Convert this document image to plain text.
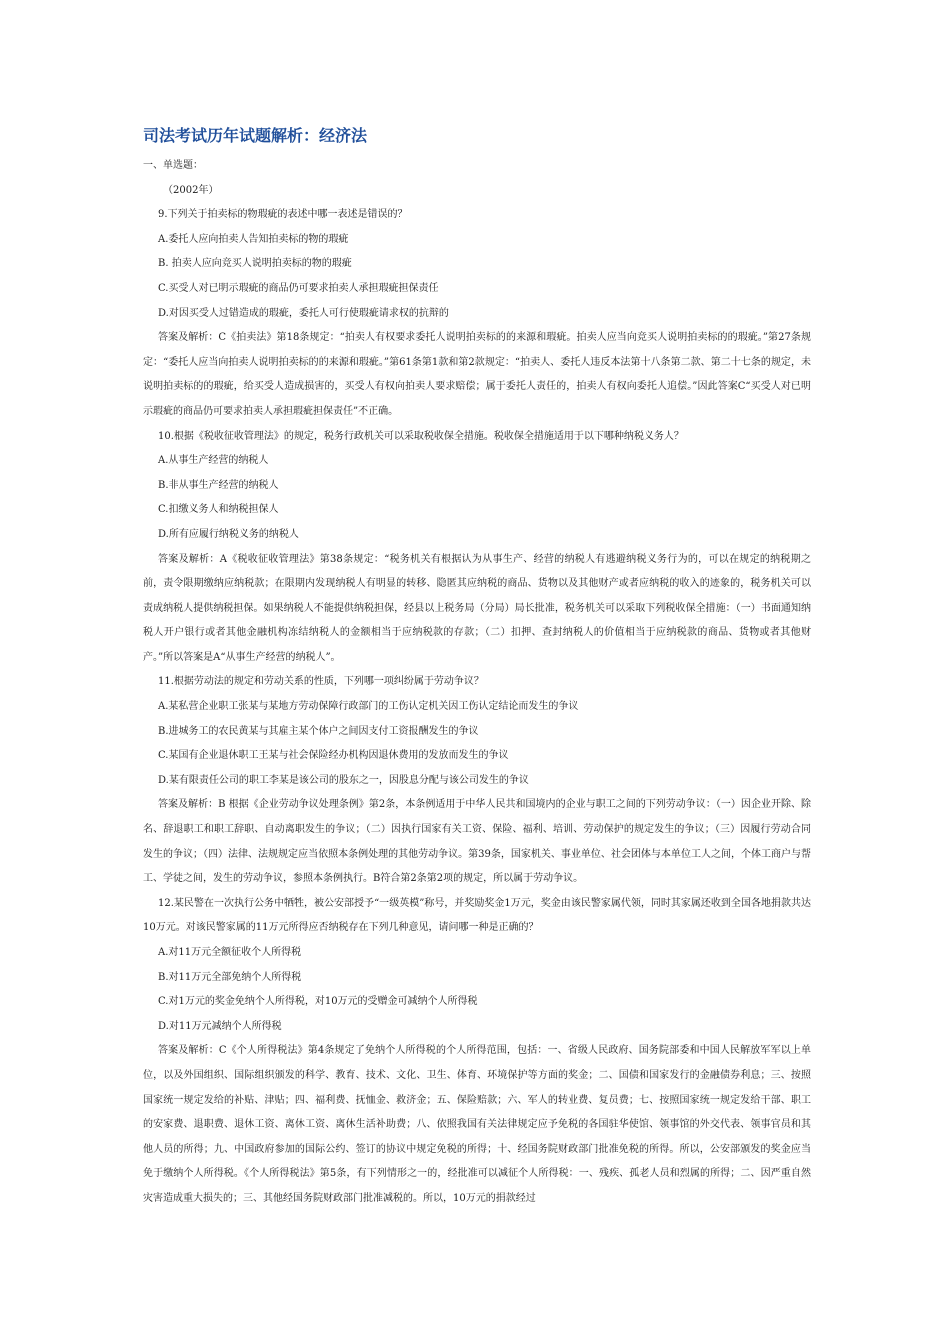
司法考试历年试题解析：经济法

一、单选题：

（2002年）

9.下列关于拍卖标的物瑕疵的表述中哪一表述是错误的？

A.委托人应向拍卖人告知拍卖标的物的瑕疵

B. 拍卖人应向竞买人说明拍卖标的物的瑕疵

C.买受人对已明示瑕疵的商品仍可要求拍卖人承担瑕疵担保责任

D.对因买受人过错造成的瑕疵，委托人可行使瑕疵请求权的抗辩的

答案及解析：C《拍卖法》第18条规定：“拍卖人有权要求委托人说明拍卖标的的来源和瑕疵。拍卖人应当向竞买人说明拍卖标的的瑕疵。”第27条规定：“委托人应当向拍卖人说明拍卖标的的来源和瑕疵。”第61条第1款和第2款规定：“拍卖人、委托人违反本法第十八条第二款、第二十七条的规定，未说明拍卖标的的瑕疵，给买受人造成损害的，买受人有权向拍卖人要求赔偿；属于委托人责任的，拍卖人有权向委托人追偿。”因此答案C“买受人对已明示瑕疵的商品仍可要求拍卖人承担瑕疵担保责任”不正确。

10.根据《税收征收管理法》的规定，税务行政机关可以采取税收保全措施。税收保全措施适用于以下哪种纳税义务人？

A.从事生产经营的纳税人

B.非从事生产经营的纳税人

C.扣缴义务人和纳税担保人

D.所有应履行纳税义务的纳税人

答案及解析：A《税收征收管理法》第38条规定：“税务机关有根据认为从事生产、经营的纳税人有逃避纳税义务行为的，可以在规定的纳税期之前，责令限期缴纳应纳税款；在限期内发现纳税人有明显的转移、隐匿其应纳税的商品、货物以及其他财产或者应纳税的收入的迹象的，税务机关可以责成纳税人提供纳税担保。如果纳税人不能提供纳税担保，经县以上税务局（分局）局长批准，税务机关可以采取下列税收保全措施：（一）书面通知纳税人开户银行或者其他金融机构冻结纳税人的金额相当于应纳税款的存款；（二）扣押、查封纳税人的价值相当于应纳税款的商品、货物或者其他财产。”所以答案是A“从事生产经营的纳税人”。

11.根据劳动法的规定和劳动关系的性质，下列哪一项纠纷属于劳动争议？

A.某私营企业职工张某与某地方劳动保障行政部门的工伤认定机关因工伤认定结论而发生的争议

B.进城务工的农民黄某与其雇主某个体户之间因支付工资报酬发生的争议

C.某国有企业退休职工王某与社会保险经办机构因退休费用的发放而发生的争议

D.某有限责任公司的职工李某是该公司的股东之一，因股息分配与该公司发生的争议

答案及解析：B 根据《企业劳动争议处理条例》第2条，本条例适用于中华人民共和国境内的企业与职工之间的下列劳动争议：（一）因企业开除、除名、辞退职工和职工辞职、自动离职发生的争议；（二）因执行国家有关工资、保险、福利、培训、劳动保护的规定发生的争议；（三）因履行劳动合同发生的争议；（四）法律、法规规定应当依照本条例处理的其他劳动争议。第39条，国家机关、事业单位、社会团体与本单位工人之间，个体工商户与帮工、学徒之间，发生的劳动争议，参照本条例执行。B符合第2条第2项的规定，所以属于劳动争议。

12.某民警在一次执行公务中牺牲，被公安部授予“一级英模”称号，并奖励奖金1万元，奖金由该民警家属代领，同时其家属还收到全国各地捐款共达10万元。对该民警家属的11万元所得应否纳税存在下列几种意见，请问哪一种是正确的？

A.对11万元全额征收个人所得税

B.对11万元全部免纳个人所得税

C.对1万元的奖金免纳个人所得税，对10万元的受赠金可减纳个人所得税

D.对11万元减纳个人所得税

答案及解析：C《个人所得税法》第4条规定了免纳个人所得税的个人所得范围，包括：一、省级人民政府、国务院部委和中国人民解放军军以上单位，以及外国组织、国际组织颁发的科学、教育、技术、文化、卫生、体育、环境保护等方面的奖金；二、国债和国家发行的金融债券利息；三、按照国家统一规定发给的补贴、津贴；四、福利费、抚恤金、救济金；五、保险赔款；六、军人的转业费、复员费；七、按照国家统一规定发给干部、职工的安家费、退职费、退休工资、离休工资、离休生活补助费；八、依照我国有关法律规定应予免税的各国驻华使馆、领事馆的外交代表、领事官员和其他人员的所得；九、中国政府参加的国际公约、签订的协议中规定免税的所得；十、经国务院财政部门批准免税的所得。所以，公安部颁发的奖金应当免于缴纳个人所得税。《个人所得税法》第5条，有下列情形之一的，经批准可以减征个人所得税：一、残疾、孤老人员和烈属的所得；二、因严重自然灾害造成重大损失的；三、其他经国务院财政部门批准减税的。所以，10万元的捐款经过
